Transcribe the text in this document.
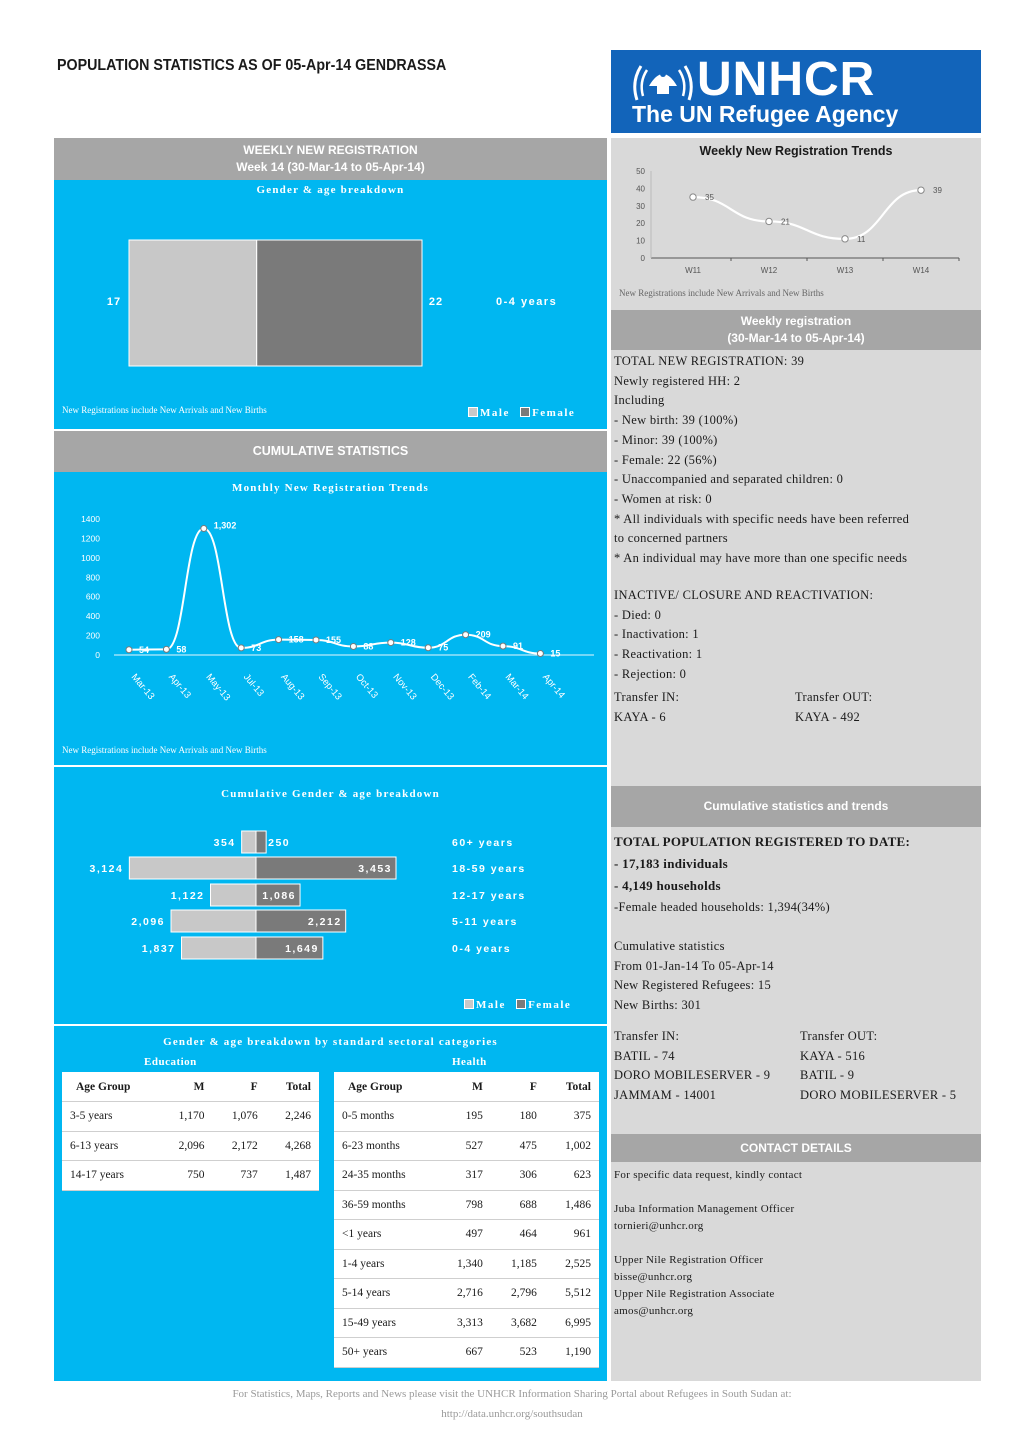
POPULATION STATISTICS AS OF 05-Apr-14 GENDRASSA	UNHCR
The UN Refugee Agency
WEEKLY NEW REGISTRATION
Week 14 (30-Mar-14 to 05-Apr-14)
Gender & age breakdown
17	22	0-4 years
New Registrations include New Arrivals and New Births	Male Female
CUMULATIVE STATISTICS
Monthly New Registration Trends
0
200
400
600
800
1000
1200
1400
54	58
1,302
73
158 155
88	128
75
209
91
15
Mar-13 Apr-13 May-13 Jul-13 Aug-13 Sep-13 Oct-13 Nov-13 Dec-13 Feb-14 Mar-14 Apr-14
New Registrations include New Arrivals and New Births
Cumulative Gender & age breakdown
354	250	60+ years
3,124	3,453	18-59 years
1,122	1,086	12-17 years
2,096	2,212	5-11 years
1,837	1,649	0-4 years
Male Female
Gender & age breakdown by standard sectoral categories
Education	Health
Age Group	M	F	Total
3-5 years	1,170	1,076	2,246
6-13 years	2,096	2,172	4,268
14-17 years	750	737	1,487
Age Group	M	F	Total
0-5 months	195	180	375
6-23 months	527	475	1,002
24-35 months	317	306	623
36-59 months	798	688	1,486
<1 years	497	464	961
1-4 years	1,340	1,185	2,525
5-14 years	2,716	2,796	5,512
15-49 years	3,313	3,682	6,995
50+ years	667	523	1,190
Weekly New Registration Trends
0
10
20
30
40
50
W11	W12	W13	W14
35
21
11
39
New Registrations include New Arrivals and New Births
Weekly registration
(30-Mar-14 to 05-Apr-14)
TOTAL NEW REGISTRATION: 39
Newly registered HH: 2
Including
- New birth: 39 (100%)
- Minor: 39 (100%)
- Female: 22 (56%)
- Unaccompanied and separated children: 0
- Women at risk: 0
* All individuals with specific needs have been referred
to concerned partners
* An individual may have more than one specific needs
INACTIVE/ CLOSURE AND REACTIVATION:
- Died: 0
- Inactivation: 1
- Reactivation: 1
- Rejection: 0
Transfer IN:
KAYA - 6
Transfer OUT:
KAYA - 492
Cumulative statistics and trends
TOTAL POPULATION REGISTERED TO DATE:
- 17,183 individuals
- 4,149 households
-Female headed households: 1,394(34%)
Cumulative statistics
From 01-Jan-14 To 05-Apr-14
New Registered Refugees: 15
New Births: 301
Transfer IN:
BATIL - 74
DORO MOBILESERVER - 9
JAMMAM - 14001
Transfer OUT:
KAYA - 516
BATIL - 9
DORO MOBILESERVER - 5
CONTACT DETAILS
For specific data request, kindly contact
Juba Information Management Officer
tornieri@unhcr.org
Upper Nile Registration Officer
bisse@unhcr.org
Upper Nile Registration Associate
amos@unhcr.org
For Statistics, Maps, Reports and News please visit the UNHCR Information Sharing Portal about Refugees in South Sudan at:
http://data.unhcr.org/southsudan
